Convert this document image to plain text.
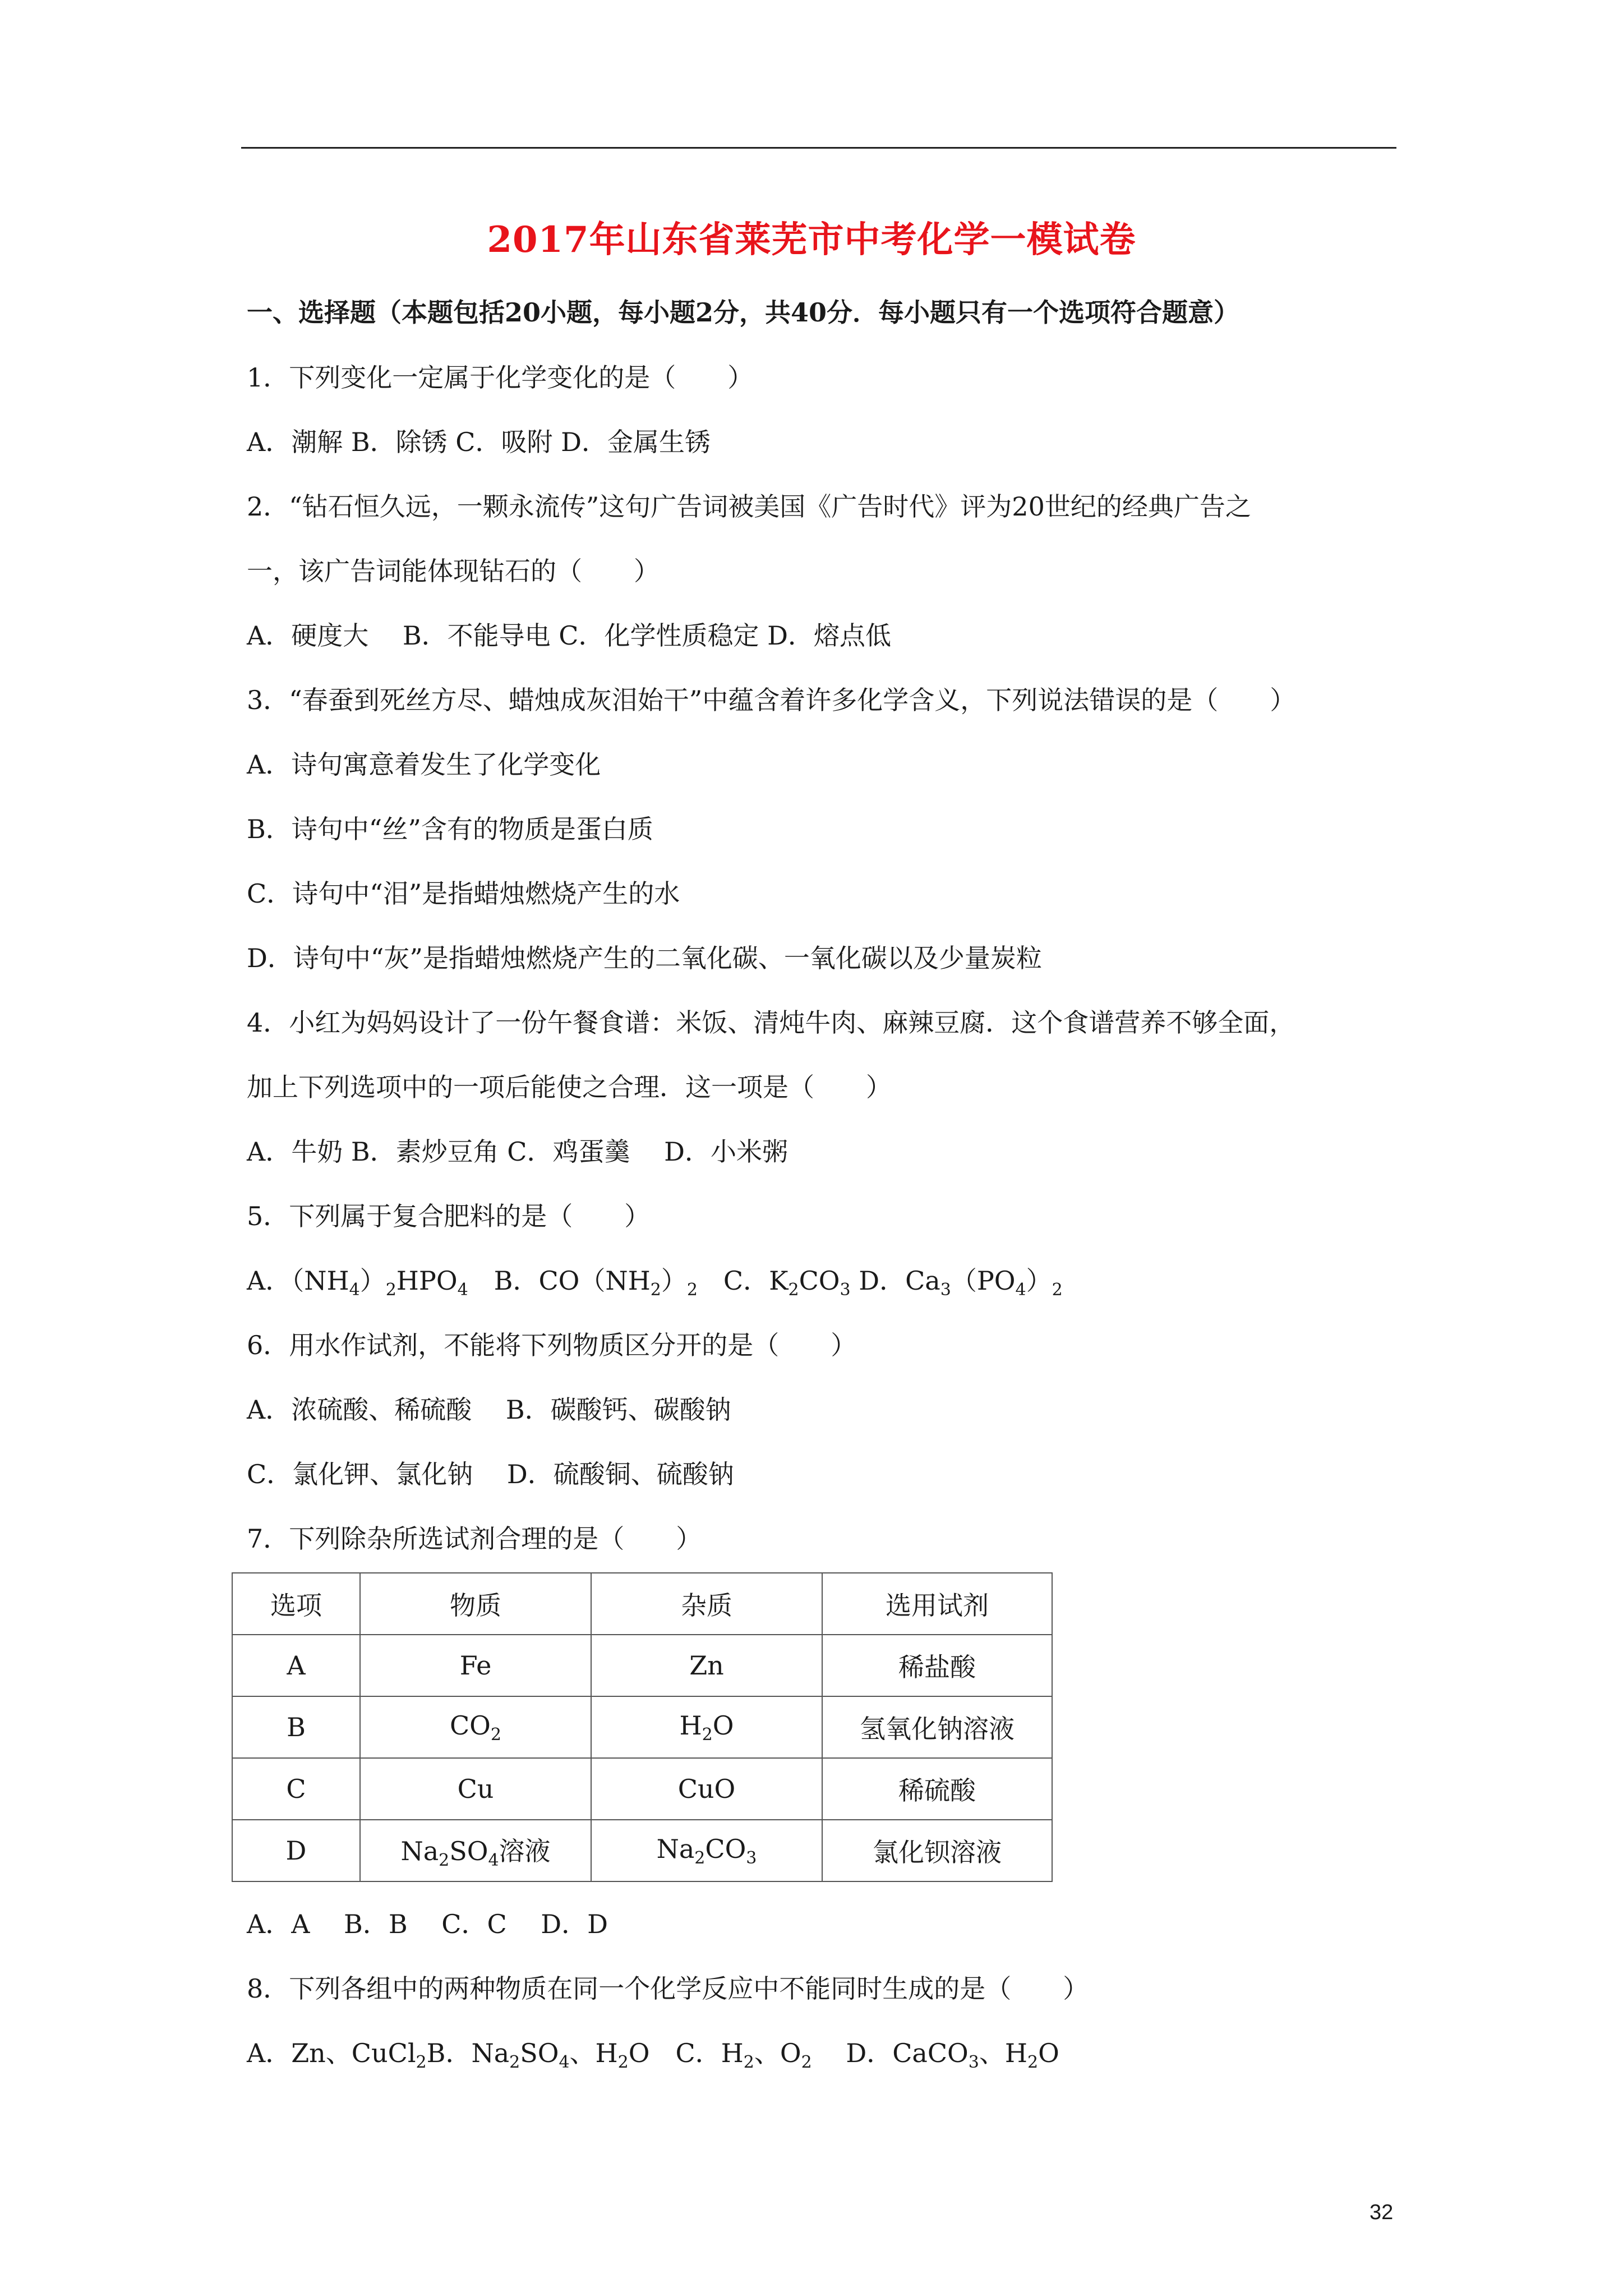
2017年山东省莱芜市中考化学一模试卷
一、选择题（本题包括20小题，每小题2分，共40分．每小题只有一个选项符合题意）
1．下列变化一定属于化学变化的是（　　）
A．潮解 B．除锈 C．吸附 D．金属生锈
2．“钻石恒久远，一颗永流传”这句广告词被美国《广告时代》评为20世纪的经典广告之
一，该广告词能体现钻石的（　　）
A．硬度大　 B．不能导电 C．化学性质稳定 D．熔点低
3．“春蚕到死丝方尽、蜡烛成灰泪始干”中蕴含着许多化学含义，下列说法错误的是（　　）
A．诗句寓意着发生了化学变化
B．诗句中“丝”含有的物质是蛋白质
C．诗句中“泪”是指蜡烛燃烧产生的水
D．诗句中“灰”是指蜡烛燃烧产生的二氧化碳、一氧化碳以及少量炭粒
4．小红为妈妈设计了一份午餐食谱：米饭、清炖牛肉、麻辣豆腐．这个食谱营养不够全面，
加上下列选项中的一项后能使之合理．这一项是（　　）
A．牛奶 B．素炒豆角 C．鸡蛋羹　 D．小米粥
5．下列属于复合肥料的是（　　）
A．$(NH_4)_2HPO_4$　B．$CO(NH_2)_2$　C．$K_2CO_3$ D．$Ca_3(PO_4)_2$
6．用水作试剂，不能将下列物质区分开的是（　　）
A．浓硫酸、稀硫酸　 B．碳酸钙、碳酸钠
C．氯化钾、氯化钠　 D．硫酸铜、硫酸钠
7．下列除杂所选试剂合理的是（　　）
选项	物质	杂质	选用试剂
A	Fe	Zn	稀盐酸
B	$CO_2$	$H_2O$	氢氧化钠溶液
C	Cu	CuO	稀硫酸
D	$Na_2SO_4$溶液	$Na_2CO_3$	氯化钡溶液
A．A　 B．B　 C．C　 D．D
8．下列各组中的两种物质在同一个化学反应中不能同时生成的是（　　）
A．Zn、CuCl$_2$B．$Na_2SO_4$、$H_2O$　C．$H_2$、$O_2$　 D．CaCO$_3$、$H_2O$
32
